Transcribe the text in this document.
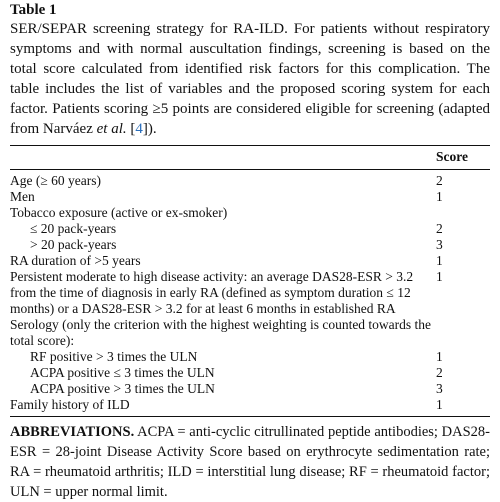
Table 1
SER/SEPAR screening strategy for RA-ILD. For patients without respiratory symptoms and with normal auscultation findings, screening is based on the total score calculated from identified risk factors for this complication. The table includes the list of variables and the proposed scoring system for each factor. Patients scoring ≥5 points are considered eligible for screening (adapted from Narváez et al. [4]).
Score
Age (≥ 60 years)	2
Men	1
Tobacco exposure (active or ex-smoker)	
≤ 20 pack-years	2
> 20 pack-years	3
RA duration of >5 years	1
Persistent moderate to high disease activity: an average DAS28-ESR > 3.2 from the time of diagnosis in early RA (defined as symptom duration ≤ 12 months) or a DAS28-ESR > 3.2 for at least 6 months in established RA	1
Serology (only the criterion with the highest weighting is counted towards the total score):	
RF positive > 3 times the ULN	1
ACPA positive ≤ 3 times the ULN	2
ACPA positive > 3 times the ULN	3
Family history of ILD	1
ABBREVIATIONS. ACPA = anti-cyclic citrullinated peptide antibodies; DAS28-ESR = 28-joint Disease Activity Score based on erythrocyte sedimentation rate; RA = rheumatoid arthritis; ILD = interstitial lung disease; RF = rheumatoid factor; ULN = upper normal limit.
